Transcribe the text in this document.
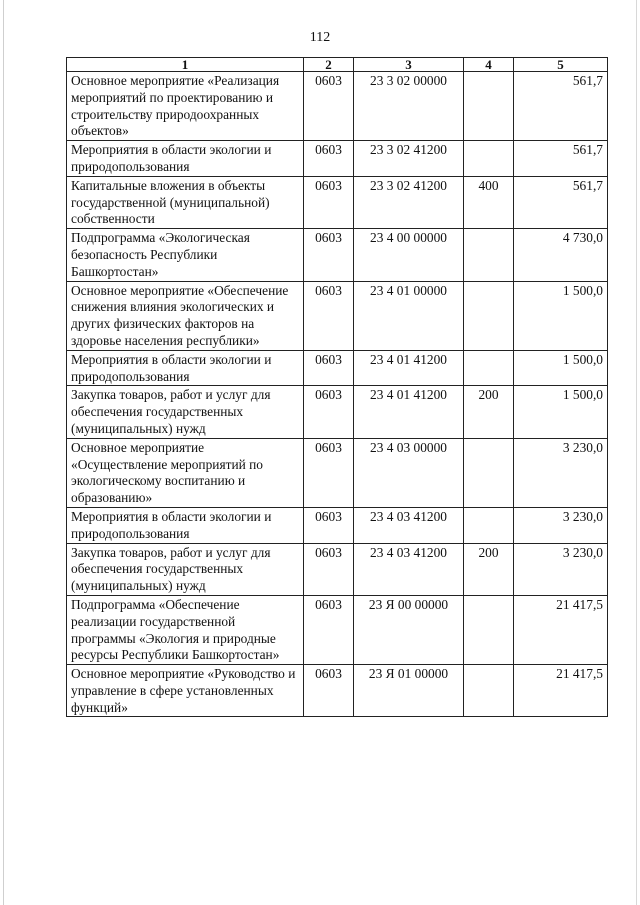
112
1	2	3	4	5
Основное мероприятие «Реализация мероприятий по проектированию и строительству природоохранных объектов»	0603	23 3 02 00000		561,7
Мероприятия в области экологии и природопользования	0603	23 3 02 41200		561,7
Капитальные вложения в объекты государственной (муниципальной) собственности	0603	23 3 02 41200	400	561,7
Подпрограмма «Экологическая безопасность Республики Башкортостан»	0603	23 4 00 00000		4 730,0
Основное мероприятие «Обеспечение снижения влияния экологических и других физических факторов на здоровье населения республики»	0603	23 4 01 00000		1 500,0
Мероприятия в области экологии и природопользования	0603	23 4 01 41200		1 500,0
Закупка товаров, работ и услуг для обеспечения государственных (муниципальных) нужд	0603	23 4 01 41200	200	1 500,0
Основное мероприятие «Осуществление мероприятий по экологическому воспитанию и образованию»	0603	23 4 03 00000		3 230,0
Мероприятия в области экологии и природопользования	0603	23 4 03 41200		3 230,0
Закупка товаров, работ и услуг для обеспечения государственных (муниципальных) нужд	0603	23 4 03 41200	200	3 230,0
Подпрограмма «Обеспечение реализации государственной программы «Экология и природные ресурсы Республики Башкортостан»	0603	23 Я 00 00000		21 417,5
Основное мероприятие «Руководство и управление в сфере установленных функций»	0603	23 Я 01 00000		21 417,5
